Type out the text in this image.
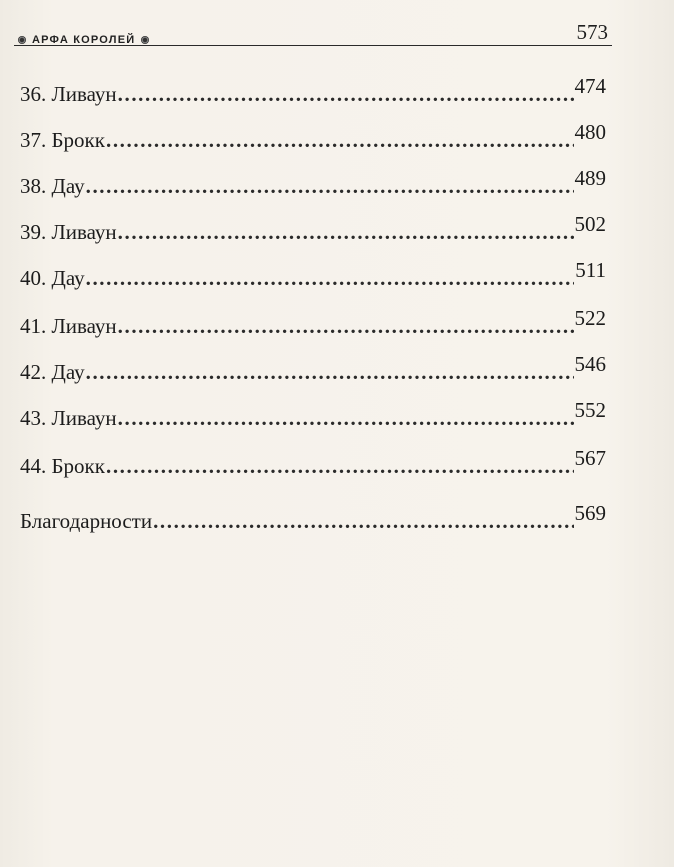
АРФА КОРОЛЕЙ	573
36. Ливаун .....	474
37. Брокк .....	480
38. Дау .....	489
39. Ливаун .....	502
40. Дау .....	511
41. Ливаун .....	522
42. Дау .....	546
43. Ливаун .....	552
44. Брокк .....	567
Благодарности .....	569
